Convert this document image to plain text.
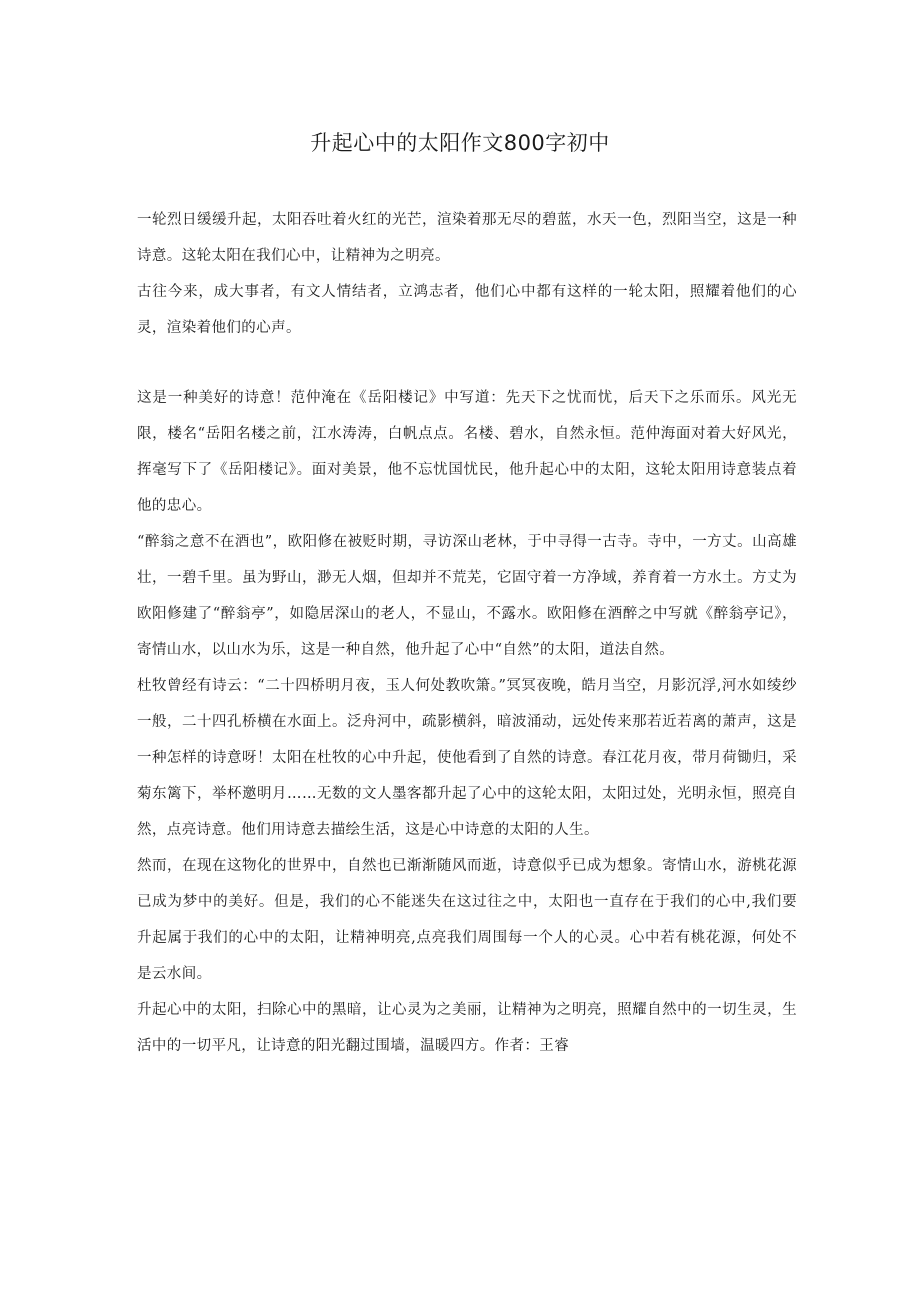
升起心中的太阳作文800字初中

一轮烈日缓缓升起，太阳吞吐着火红的光芒，渲染着那无尽的碧蓝，水天一色，烈阳当空，这是一种诗意。这轮太阳在我们心中，让精神为之明亮。

古往今来，成大事者，有文人情结者，立鸿志者，他们心中都有这样的一轮太阳，照耀着他们的心灵，渲染着他们的心声。

这是一种美好的诗意！范仲淹在《岳阳楼记》中写道：先天下之忧而忧，后天下之乐而乐。风光无限，楼名“岳阳名楼之前，江水涛涛，白帆点点。名楼、碧水，自然永恒。范仲海面对着大好风光，挥毫写下了《岳阳楼记》。面对美景，他不忘忧国忧民，他升起心中的太阳，这轮太阳用诗意装点着他的忠心。

“醉翁之意不在酒也”，欧阳修在被贬时期，寻访深山老林，于中寻得一古寺。寺中，一方丈。山高雄壮，一碧千里。虽为野山，渺无人烟，但却并不荒芜，它固守着一方净域，养育着一方水土。方丈为欧阳修建了“醉翁亭”，如隐居深山的老人，不显山，不露水。欧阳修在酒醉之中写就《醉翁亭记》，寄情山水，以山水为乐，这是一种自然，他升起了心中“自然”的太阳，道法自然。

杜牧曾经有诗云：“二十四桥明月夜，玉人何处教吹箫。”冥冥夜晚，皓月当空，月影沉浮,河水如绫纱一般，二十四孔桥横在水面上。泛舟河中，疏影横斜，暗波涌动，远处传来那若近若离的萧声，这是一种怎样的诗意呀！太阳在杜牧的心中升起，使他看到了自然的诗意。春江花月夜，带月荷锄归，采菊东篱下，举杯邀明月……无数的文人墨客都升起了心中的这轮太阳，太阳过处，光明永恒，照亮自然，点亮诗意。他们用诗意去描绘生活，这是心中诗意的太阳的人生。

然而，在现在这物化的世界中，自然也已渐渐随风而逝，诗意似乎已成为想象。寄情山水，游桃花源已成为梦中的美好。但是，我们的心不能迷失在这过往之中，太阳也一直存在于我们的心中,我们要升起属于我们的心中的太阳，让精神明亮,点亮我们周围每一个人的心灵。心中若有桃花源，何处不是云水间。

升起心中的太阳，扫除心中的黑暗，让心灵为之美丽，让精神为之明亮，照耀自然中的一切生灵，生活中的一切平凡，让诗意的阳光翻过围墙，温暖四方。作者：王睿
